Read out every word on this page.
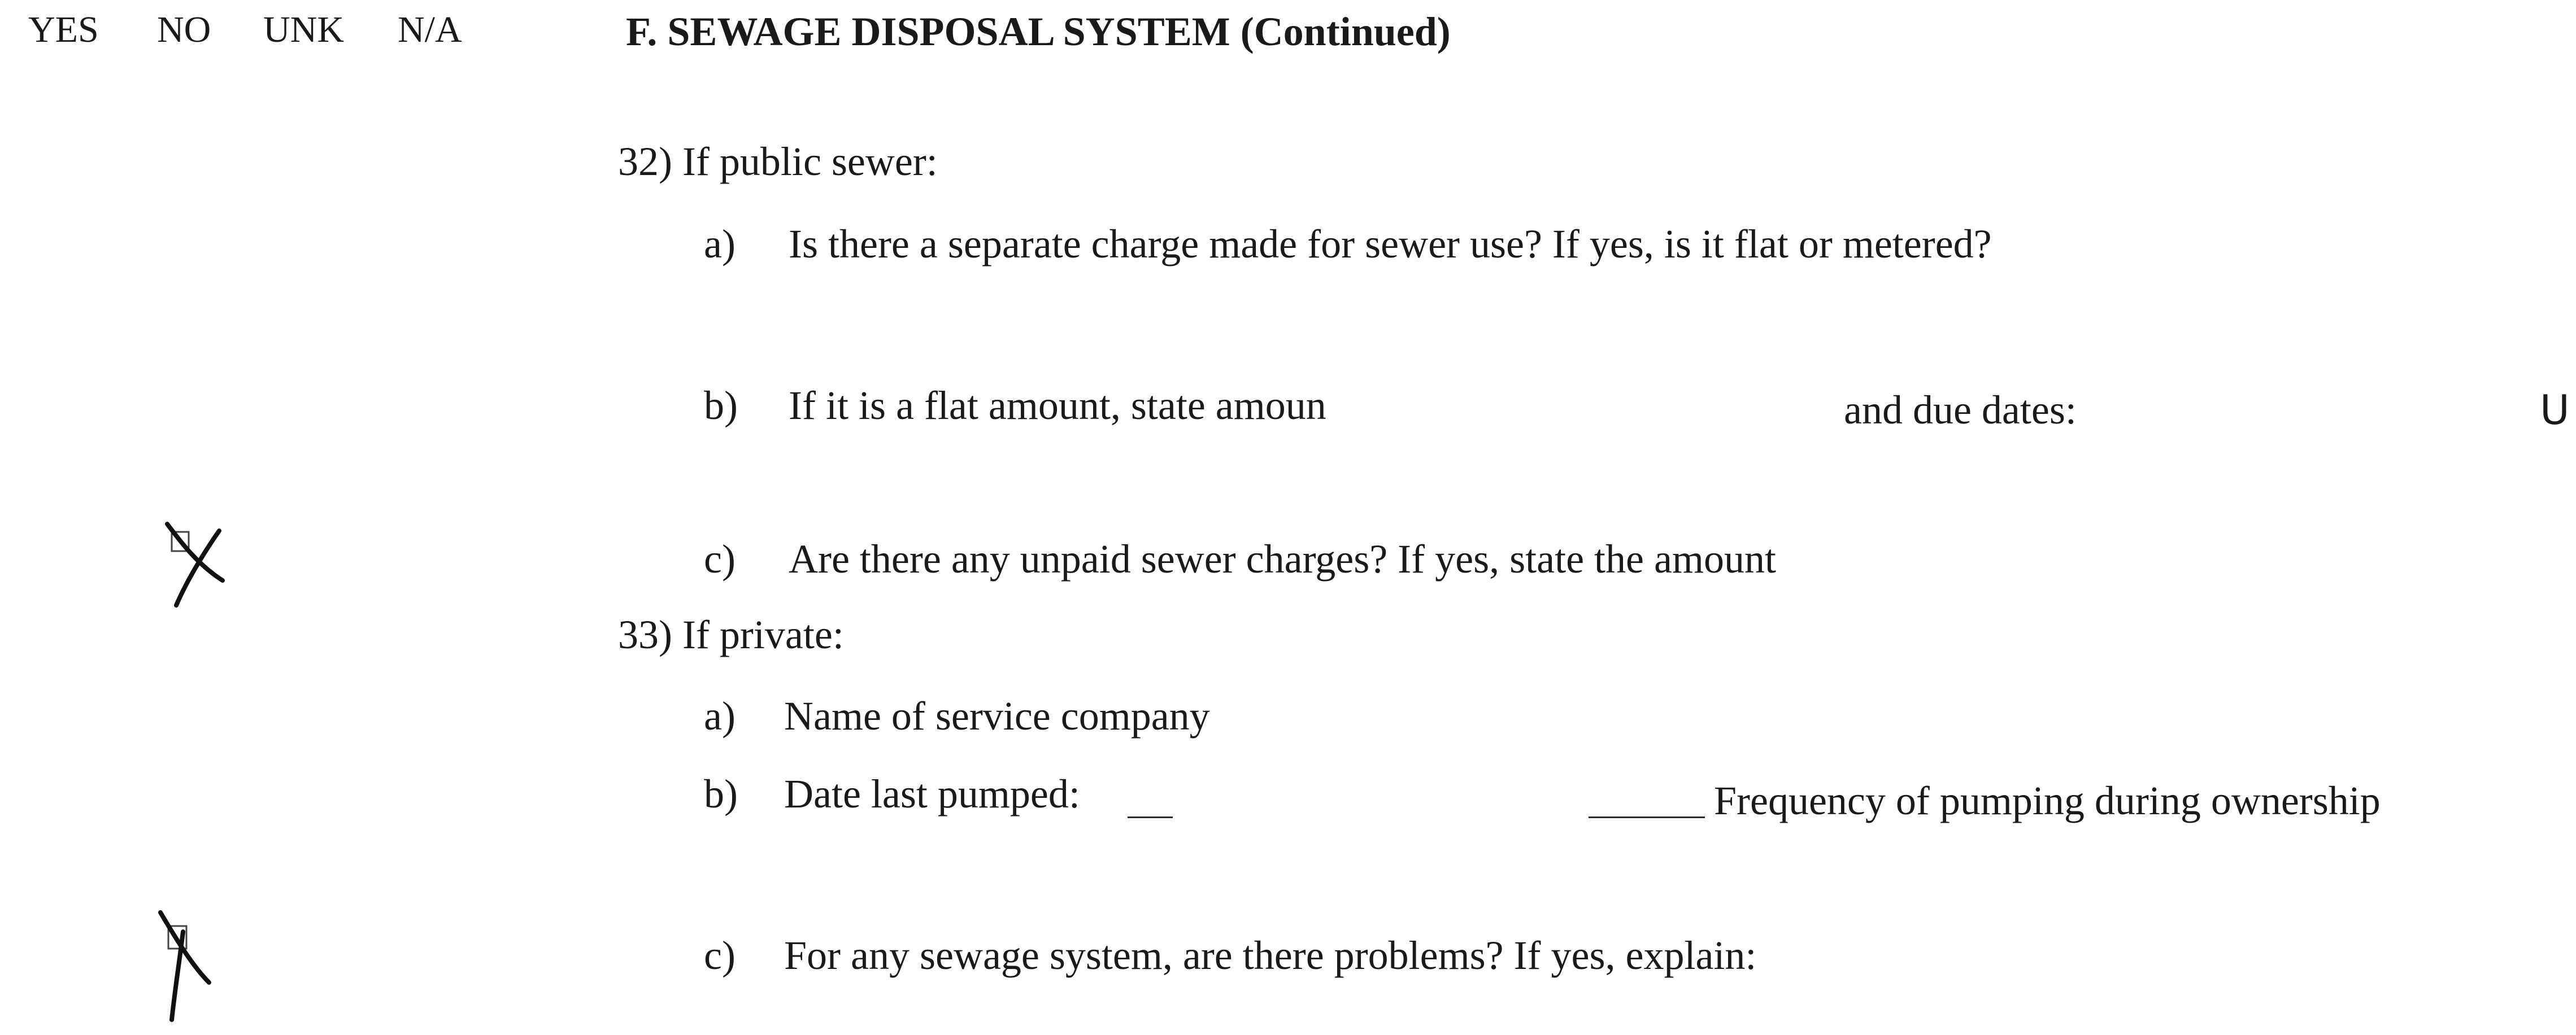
YES NO UNK N/A	F. SEWAGE DISPOSAL SYSTEM (Continued)
32) If public sewer:
a) Is there a separate charge made for sewer use? If yes, is it flat or metered?
b) If it is a flat amount, state amoun	and due dates:	U
c) Are there any unpaid sewer charges? If yes, state the amount
33) If private:
a) Name of service company
b) Date last pumped:	Frequency of pumping during ownership
c) For any sewage system, are there problems? If yes, explain:
